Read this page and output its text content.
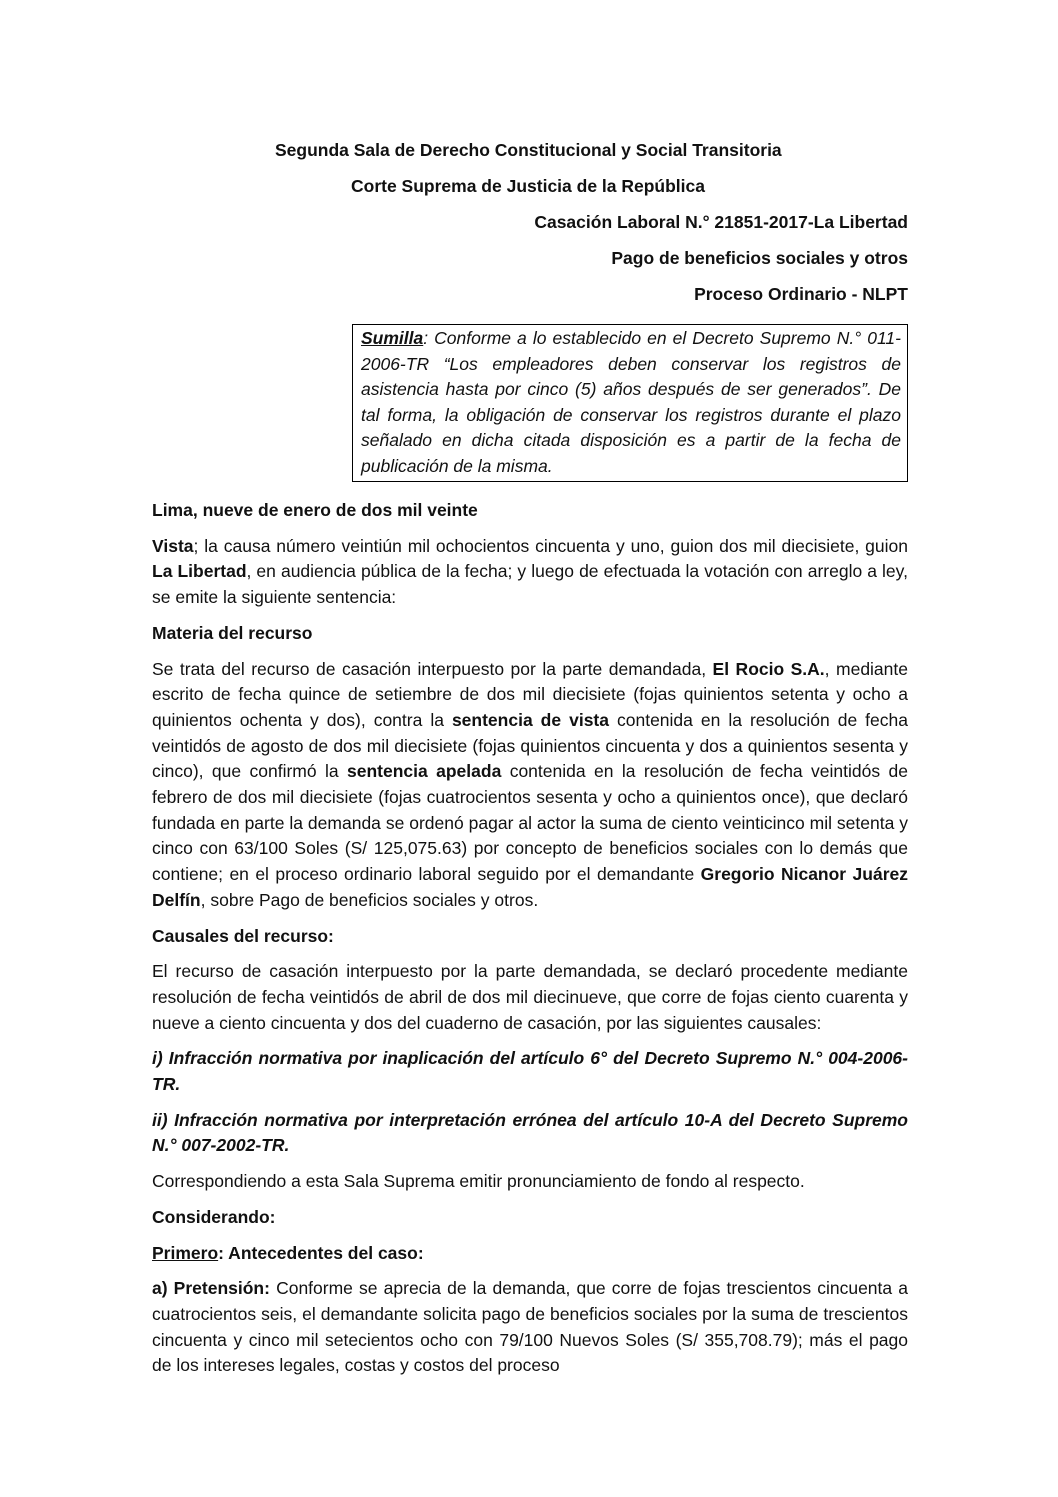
Segunda Sala de Derecho Constitucional y Social Transitoria
Corte Suprema de Justicia de la República
Casación Laboral N.° 21851-2017-La Libertad
Pago de beneficios sociales y otros
Proceso Ordinario - NLPT
Sumilla: Conforme a lo establecido en el Decreto Supremo N.° 011-2006-TR “Los empleadores deben conservar los registros de asistencia hasta por cinco (5) años después de ser generados”. De tal forma, la obligación de conservar los registros durante el plazo señalado en dicha citada disposición es a partir de la fecha de publicación de la misma.

Lima, nueve de enero de dos mil veinte

Vista; la causa número veintiún mil ochocientos cincuenta y uno, guion dos mil diecisiete, guion La Libertad, en audiencia pública de la fecha; y luego de efectuada la votación con arreglo a ley, se emite la siguiente sentencia:

Materia del recurso

Se trata del recurso de casación interpuesto por la parte demandada, El Rocio S.A., mediante escrito de fecha quince de setiembre de dos mil diecisiete (fojas quinientos setenta y ocho a quinientos ochenta y dos), contra la sentencia de vista contenida en la resolución de fecha veintidós de agosto de dos mil diecisiete (fojas quinientos cincuenta y dos a quinientos sesenta y cinco), que confirmó la sentencia apelada contenida en la resolución de fecha veintidós de febrero de dos mil diecisiete (fojas cuatrocientos sesenta y ocho a quinientos once), que declaró fundada en parte la demanda se ordenó pagar al actor la suma de ciento veinticinco mil setenta y cinco con 63/100 Soles (S/ 125,075.63) por concepto de beneficios sociales con lo demás que contiene; en el proceso ordinario laboral seguido por el demandante Gregorio Nicanor Juárez Delfín, sobre Pago de beneficios sociales y otros.

Causales del recurso:

El recurso de casación interpuesto por la parte demandada, se declaró procedente mediante resolución de fecha veintidós de abril de dos mil diecinueve, que corre de fojas ciento cuarenta y nueve a ciento cincuenta y dos del cuaderno de casación, por las siguientes causales:

i) Infracción normativa por inaplicación del artículo 6° del Decreto Supremo N.° 004-2006-TR.

ii) Infracción normativa por interpretación errónea del artículo 10-A del Decreto Supremo N.° 007-2002-TR.

Correspondiendo a esta Sala Suprema emitir pronunciamiento de fondo al respecto.

Considerando:

Primero: Antecedentes del caso:

a) Pretensión: Conforme se aprecia de la demanda, que corre de fojas trescientos cincuenta a cuatrocientos seis, el demandante solicita pago de beneficios sociales por la suma de trescientos cincuenta y cinco mil setecientos ocho con 79/100 Nuevos Soles (S/ 355,708.79); más el pago de los intereses legales, costas y costos del proceso
